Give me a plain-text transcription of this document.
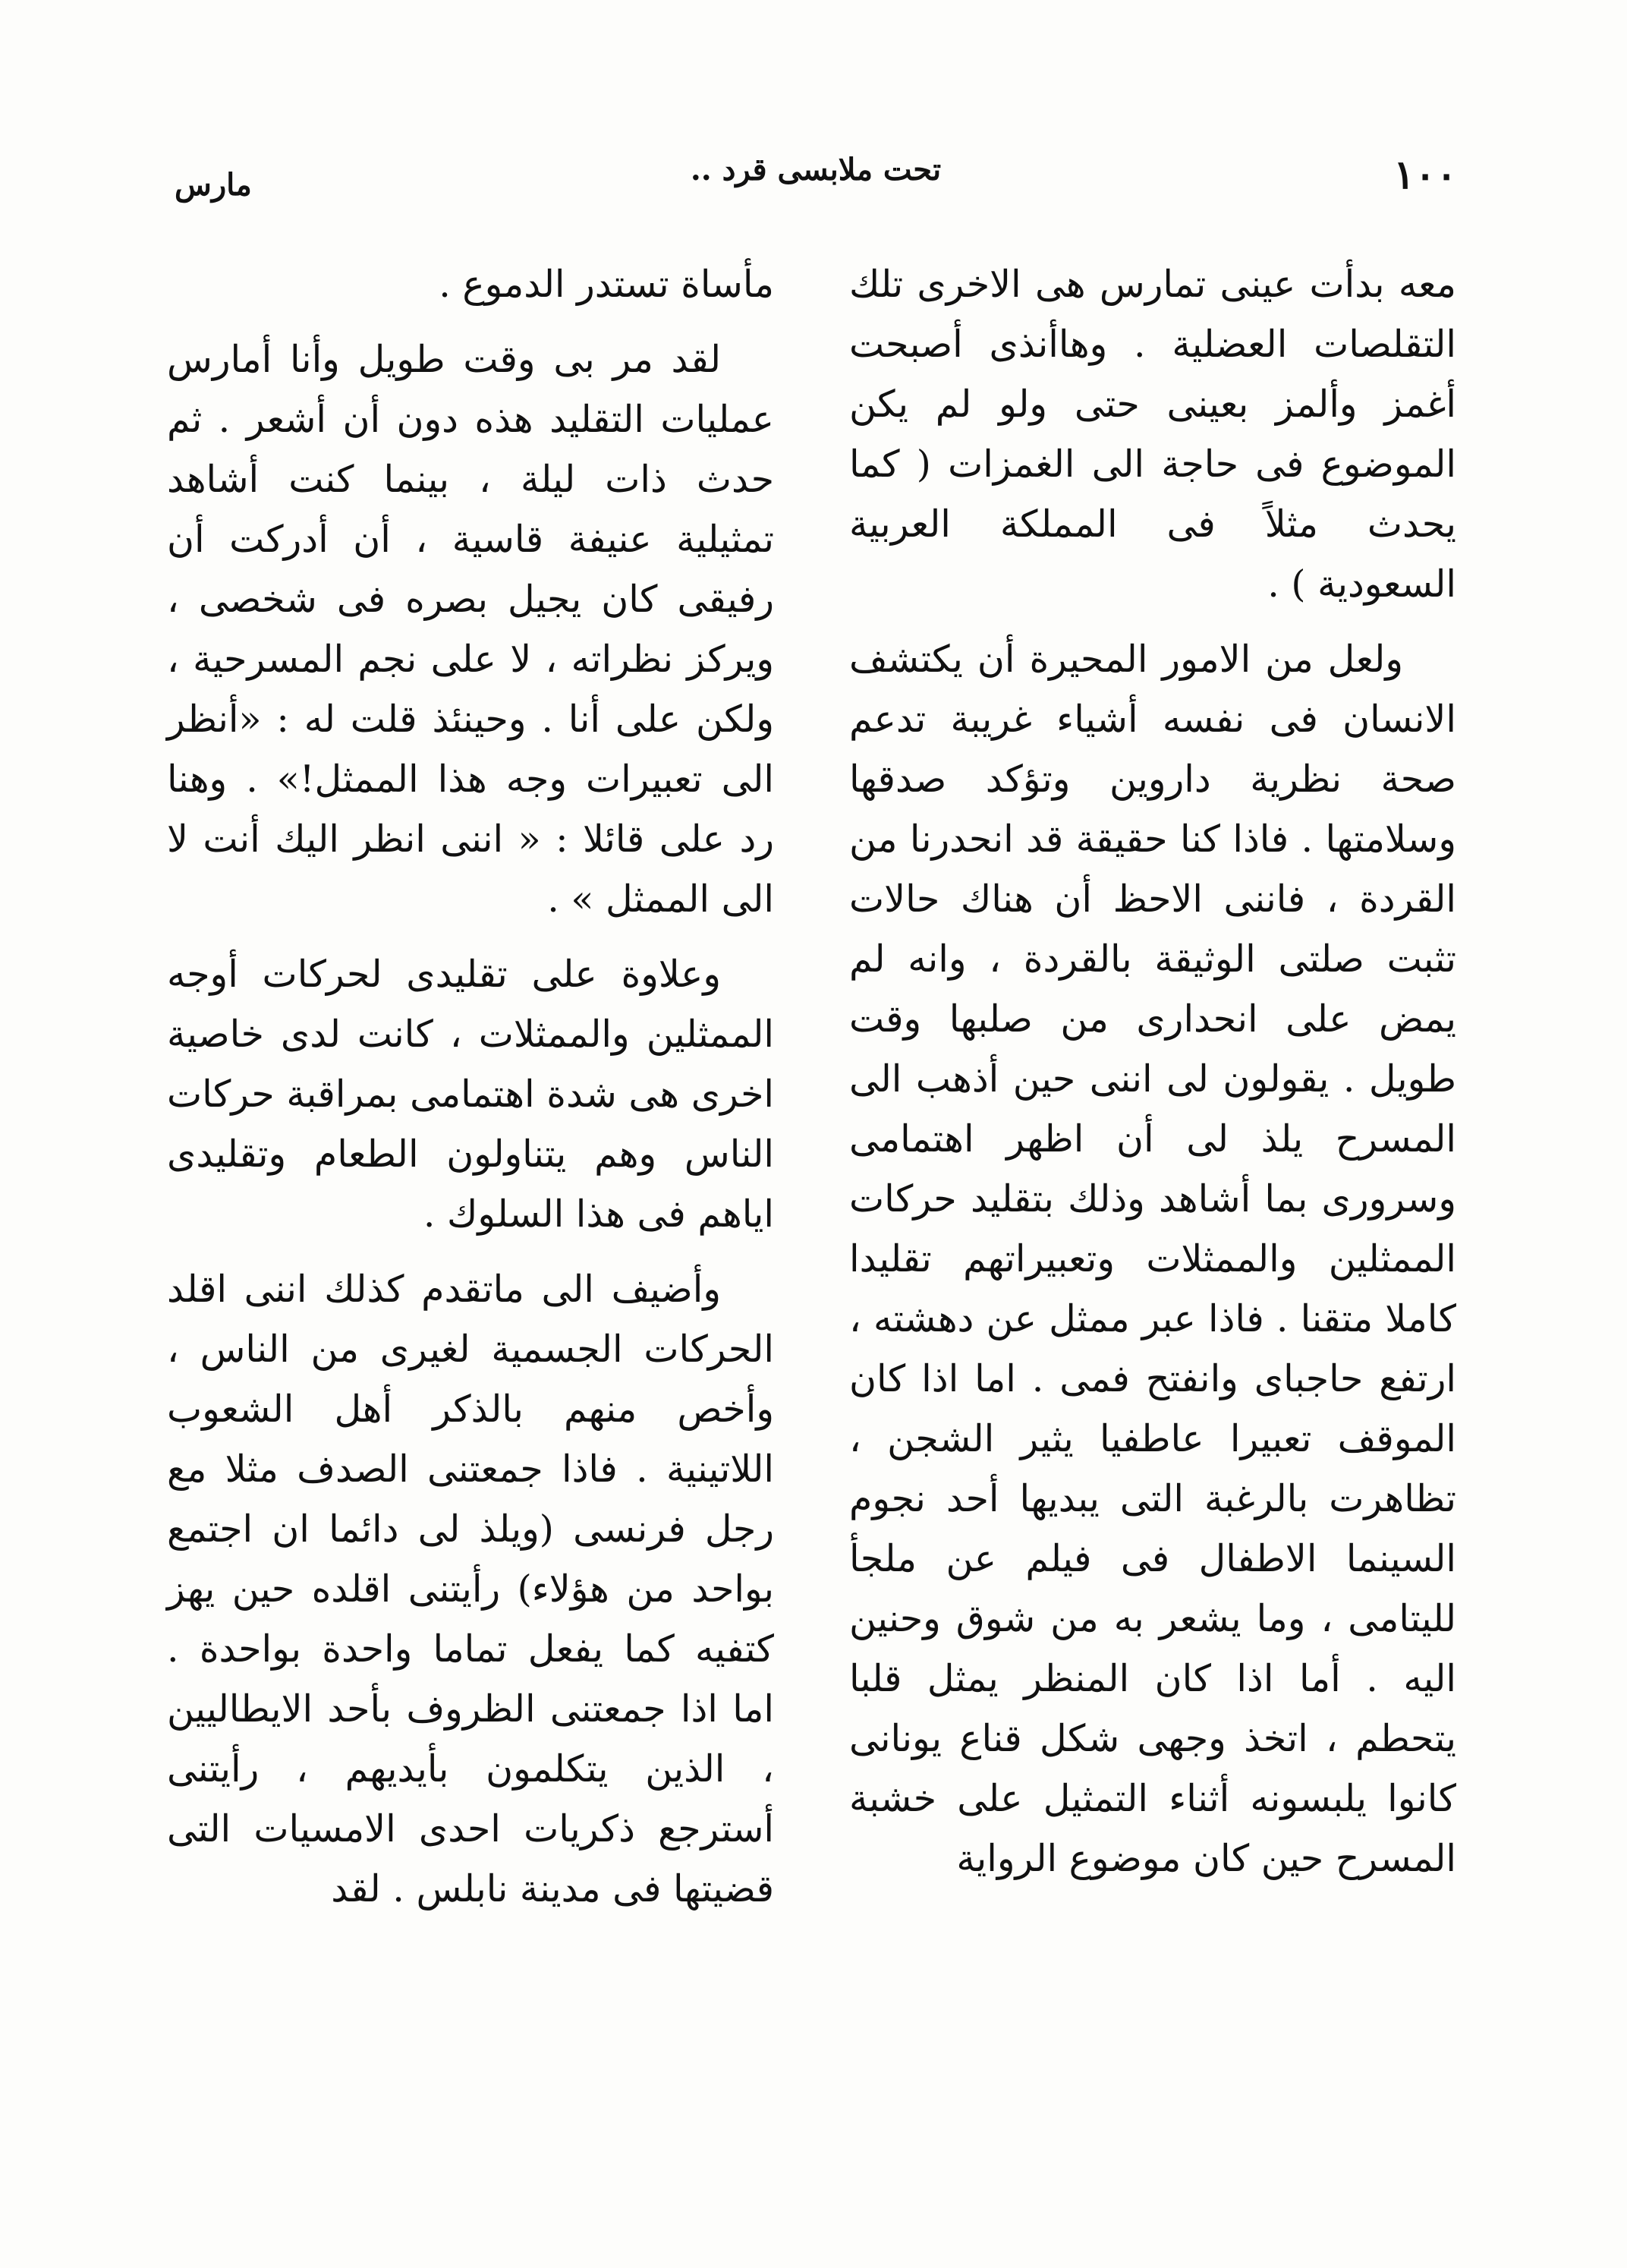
١٠٠
تحت ملابسى قرد ..
مارس

معه بدأت عينى تمارس هى الاخرى تلك التقلصات العضلية . وهاأنذى أصبحت أغمز وألمز بعينى حتى ولو لم يكن الموضوع فى حاجة الى الغمزات ( كما يحدث مثلاً فى المملكة العربية السعودية ) .

ولعل من الامور المحيرة أن يكتشف الانسان فى نفسه أشياء غريبة تدعم صحة نظرية داروين وتؤكد صدقها وسلامتها . فاذا كنا حقيقة قد انحدرنا من القردة ، فاننى الاحظ أن هناك حالات تثبت صلتى الوثيقة بالقردة ، وانه لم يمض على انحدارى من صلبها وقت طويل . يقولون لى اننى حين أذهب الى المسرح يلذ لى أن اظهر اهتمامى وسرورى بما أشاهد وذلك بتقليد حركات الممثلين والممثلات وتعبيراتهم تقليدا كاملا متقنا . فاذا عبر ممثل عن دهشته ، ارتفع حاجباى وانفتح فمى . اما اذا كان الموقف تعبيرا عاطفيا يثير الشجن ، تظاهرت بالرغبة التى يبديها أحد نجوم السينما الاطفال فى فيلم عن ملجأ لليتامى ، وما يشعر به من شوق وحنين اليه . أما اذا كان المنظر يمثل قلبا يتحطم ، اتخذ وجهى شكل قناع يونانى كانوا يلبسونه أثناء التمثيل على خشبة المسرح حين كان موضوع الرواية

مأساة تستدر الدموع .

لقد مر بى وقت طويل وأنا أمارس عمليات التقليد هذه دون أن أشعر . ثم حدث ذات ليلة ، بينما كنت أشاهد تمثيلية عنيفة قاسية ، أن أدركت أن رفيقى كان يجيل بصره فى شخصى ، ويركز نظراته ، لا على نجم المسرحية ، ولكن على أنا . وحينئذ قلت له : «أنظر الى تعبيرات وجه هذا الممثل!» . وهنا رد على قائلا : « اننى انظر اليك أنت لا الى الممثل » .

وعلاوة على تقليدى لحركات أوجه الممثلين والممثلات ، كانت لدى خاصية اخرى هى شدة اهتمامى بمراقبة حركات الناس وهم يتناولون الطعام وتقليدى اياهم فى هذا السلوك .

وأضيف الى ماتقدم كذلك اننى اقلد الحركات الجسمية لغيرى من الناس ، وأخص منهم بالذكر أهل الشعوب اللاتينية . فاذا جمعتنى الصدف مثلا مع رجل فرنسى (ويلذ لى دائما ان اجتمع بواحد من هؤلاء) رأيتنى اقلده حين يهز كتفيه كما يفعل تماما واحدة بواحدة . اما اذا جمعتنى الظروف بأحد الايطاليين ، الذين يتكلمون بأيديهم ، رأيتنى أسترجع ذكريات احدى الامسيات التى قضيتها فى مدينة نابلس . لقد
